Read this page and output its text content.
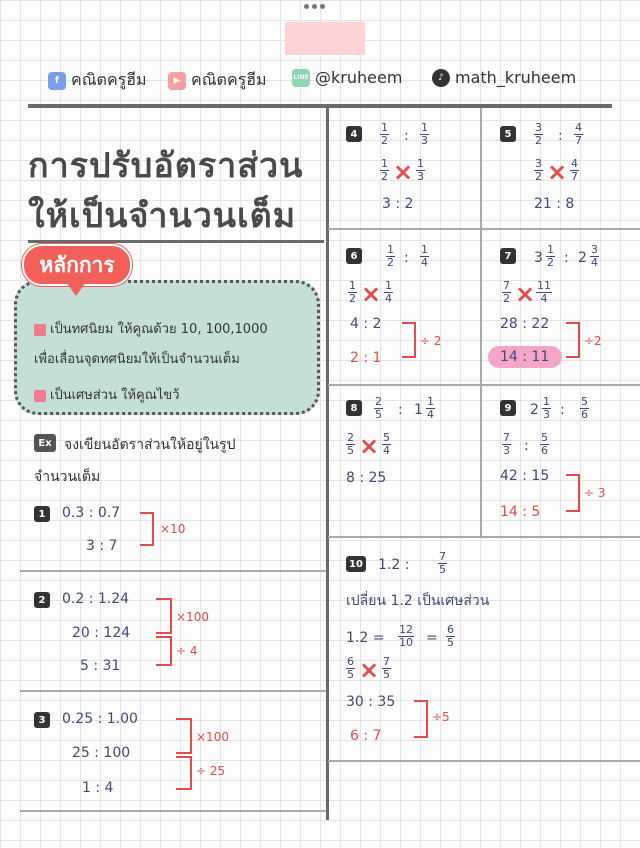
f คณิตครูฮีม	▶ คณิตครูฮีม	LINE @kruheem	♪ math_kruheem
การปรับอัตราส่วน
ให้เป็นจำนวนเต็ม
หลักการ
เป็นทศนิยม ให้คูณด้วย 10, 100,1000
เพื่อเลื่อนจุดทศนิยมให้เป็นจำนวนเต็ม
เป็นเศษส่วน ให้คูณไขว้
Ex จงเขียนอัตราส่วนให้อยู่ในรูป
จำนวนเต็ม
1	0.3 : 0.7
3 : 7
×10
2	0.2 : 1.24
20 : 124
5 : 31
×100
÷ 4
3	0.25 : 1.00
25 : 100
1 : 4
×100
÷ 25
4	$\frac{1}{2}$ : $\frac{1}{3}$
$\frac{1}{2} \times \frac{1}{3}$
3 : 2
5	$\frac{3}{2}$ : $\frac{4}{7}$
$\frac{3}{2} \times \frac{4}{7}$
21 : 8
6	$\frac{1}{2}$ : $\frac{1}{4}$
$\frac{1}{2} \times \frac{1}{4}$
4 : 2
2 : 1
÷ 2
7	$3 \frac{1}{2}$ : $2 \frac{3}{4}$
$\frac{7}{2} \times \frac{11}{4}$
28 : 22
14 : 11
÷2
8	$\frac{2}{5}$ : $1 \frac{1}{4}$
$\frac{2}{5} \times \frac{5}{4}$
8 : 25
9	$2 \frac{1}{3}$ : $\frac{5}{6}$
$\frac{7}{3}$ : $\frac{5}{6}$
42 : 15
14 : 5
÷ 3
10 1.2 :	$\frac{7}{5}$
เปลี่ยน 1.2 เป็นเศษส่วน
$1.2 = \frac{12}{10} = \frac{6}{5}$
$\frac{6}{5} \times \frac{7}{5}$
30 : 35
6 : 7
÷5
